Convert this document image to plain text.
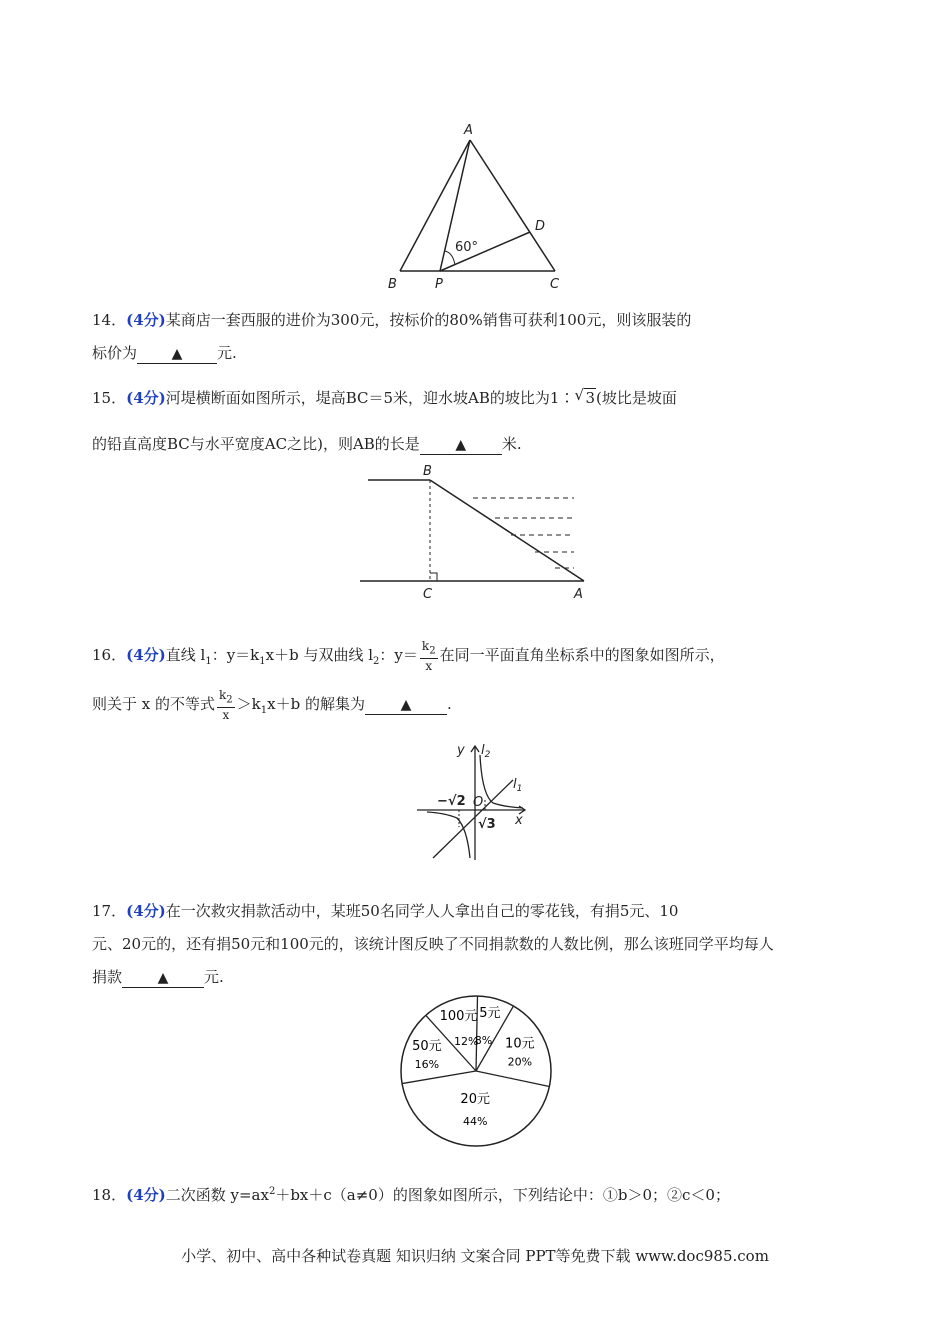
A
B	P	C
D
60°
14．(4分)某商店一套西服的进价为300元，按标价的80%销售可获利100元，则该服装的
标价为 ▲ 元.
15．(4分)河堤横断面如图所示，堤高BC＝5米，迎水坡AB的坡比为1∶ √ 3(坡比是坡面
的铅直高度BC与水平宽度AC之比)，则AB的长是	▲ 米.
B
C	A
16．(4分)直线 $l_1$：$y=k_1x+b$ 与双曲线 $l_2$：$y= \frac{k_2}{x}$ 在同一平面直角坐标系中的图象如图所示，
则关于 x 的不等式 $\frac{k_2}{x} >k_1x+b$ 的解集为	▲ .
y
x
O
$l_2$
$l_1$
−√2
√3
17．(4分)在一次救灾捐款活动中，某班50名同学人人拿出自己的零花钱，有捐5元、10
元、20元的，还有捐50元和100元的，该统计图反映了不同捐款数的人数比例，那么该班同学平均每人
捐款	▲ 元.
5元
8% 10元
20%
20元
44%
50元
16%
100元
12%
18．(4分)二次函数 $y=ax^2+bx+c(a\ne 0)$的图象如图所示，下列结论中：①b＞0；②c＜0；
小学、初中、高中各种试卷真题 知识归纳 文案合同 PPT等免费下载 www.doc985.com
